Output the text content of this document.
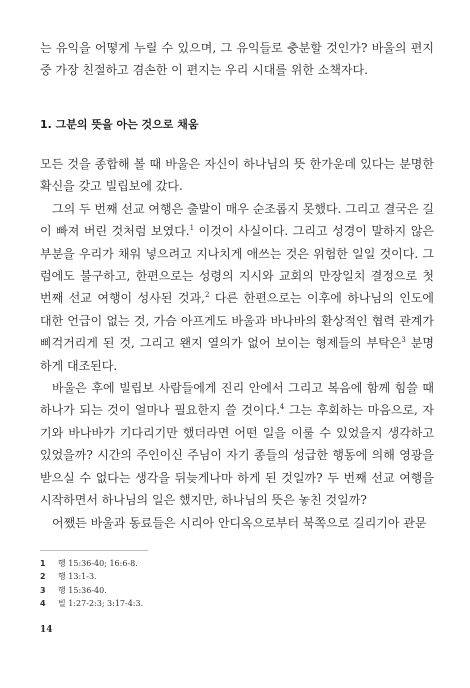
는 유익을 어떻게 누릴 수 있으며, 그 유익들로 충분할 것인가? 바울의 편지 중 가장 친절하고 겸손한 이 편지는 우리 시대를 위한 소책자다.

1. 그분의 뜻을 아는 것으로 채움

모든 것을 종합해 볼 때 바울은 자신이 하나님의 뜻 한가운데 있다는 분명한 확신을 갖고 빌립보에 갔다.

그의 두 번째 선교 여행은 출발이 매우 순조롭지 못했다. 그리고 결국은 길이 빠져 버린 것처럼 보였다.$^1$ 이것이 사실이다. 그리고 성경이 말하지 않은 부분을 우리가 채워 넣으려고 지나치게 애쓰는 것은 위험한 일일 것이다. 그럼에도 불구하고, 한편으로는 성령의 지시와 교회의 만장일치 결정으로 첫 번째 선교 여행이 성사된 것과,$^2$ 다른 한편으로는 이후에 하나님의 인도에 대한 언급이 없는 것, 가슴 아프게도 바울과 바나바의 환상적인 협력 관계가 삐걱거리게 된 것, 그리고 왠지 열의가 없어 보이는 형제들의 부탁은$^3$ 분명하게 대조된다.

바울은 후에 빌립보 사람들에게 진리 안에서 그리고 복음에 함께 힘쓸 때 하나가 되는 것이 얼마나 필요한지 쓸 것이다.$^4$ 그는 후회하는 마음으로, 자기와 바나바가 기다리기만 했더라면 어떤 일을 이룰 수 있었을지 생각하고 있었을까? 시간의 주인이신 주님이 자기 종들의 성급한 행동에 의해 영광을 받으실 수 없다는 생각을 뒤늦게나마 하게 된 것일까? 두 번째 선교 여행을 시작하면서 하나님의 일은 했지만, 하나님의 뜻은 놓친 것일까?

어쨌든 바울과 동료들은 시리아 안디옥으로부터 북쪽으로 길리기아 관문

1	행 15:36-40; 16:6-8.
2	행 13:1-3.
3	행 15:36-40.
4	빌 1:27-2:3; 3:17-4:3.
14
